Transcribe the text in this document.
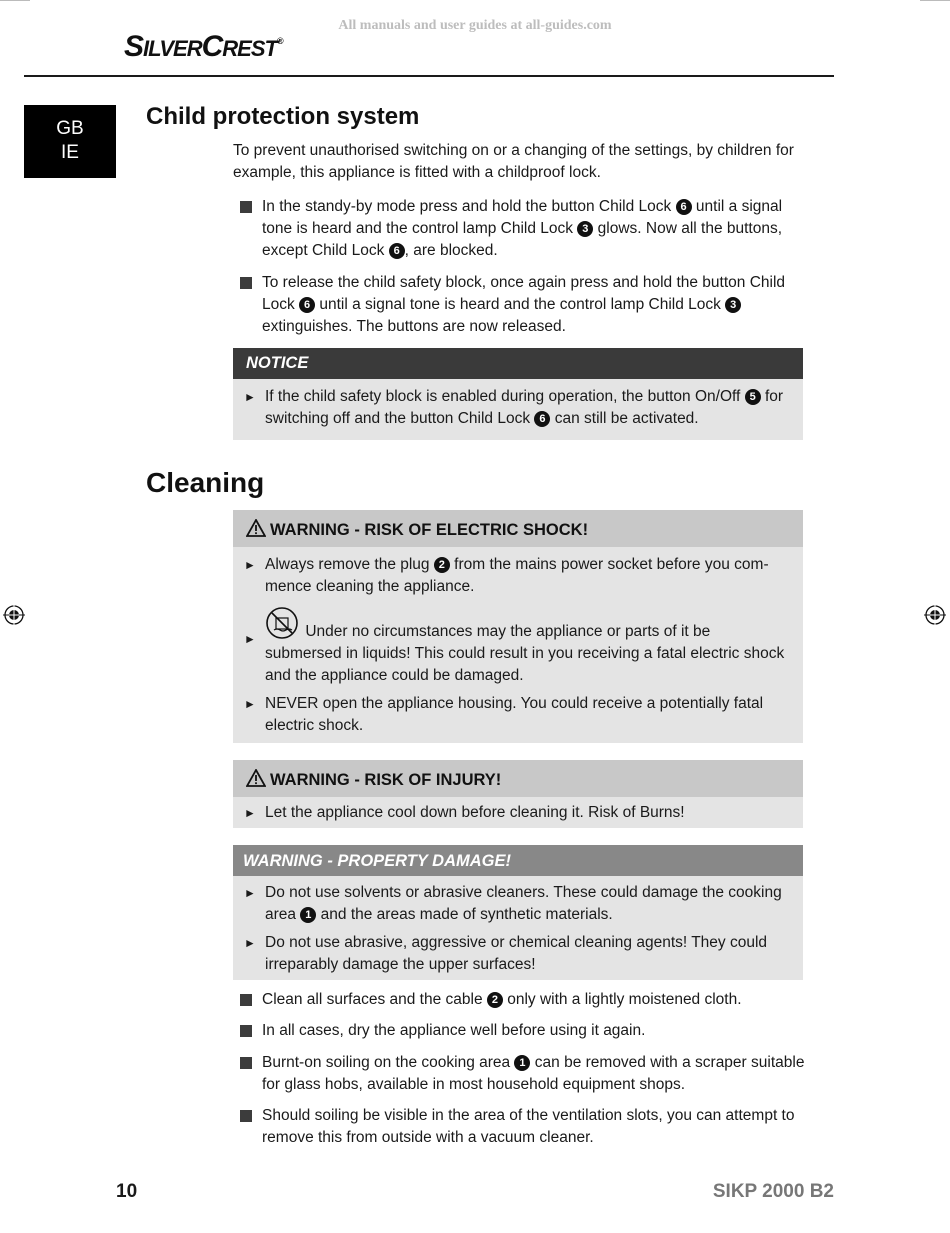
All manuals and user guides at all-guides.com
SILVERCREST®
GB
IE
Child protection system

To prevent unauthorised switching on or a changing of the settings, by children for example, this appliance is fitted with a childproof lock.

In the standy-by mode press and hold the button Child Lock 6 until a signal tone is heard and the control lamp Child Lock 3 glows. Now all the buttons, except Child Lock 6 , are blocked.
To release the child safety block, once again press and hold the button Child Lock 6 until a signal tone is heard and the control lamp Child Lock 3 extinguishes. The buttons are now released.
NOTICE
► If the child safety block is enabled during operation, the button On/Off 5 for switching off and the button Child Lock 6 can still be activated.
Cleaning
WARNING - RISK OF ELECTRIC SHOCK!
► Always remove the plug 2 from the mains power socket before you com-mence cleaning the appliance.
►	Under no circumstances may the appliance or parts of it be submersed in liquids! This could result in you receiving a fatal electric shock and the appliance could be damaged.
► NEVER open the appliance housing. You could receive a potentially fatal electric shock.
WARNING - RISK OF INJURY!
► Let the appliance cool down before cleaning it. Risk of Burns!
WARNING - PROPERTY DAMAGE!
► Do not use solvents or abrasive cleaners. These could damage the cooking area 1 and the areas made of synthetic materials.
► Do not use abrasive, aggressive or chemical cleaning agents! They could irreparably damage the upper surfaces!
Clean all surfaces and the cable 2 only with a lightly moistened cloth.
In all cases, dry the appliance well before using it again.
Burnt-on soiling on the cooking area 1 can be removed with a scraper suitable for glass hobs, available in most household equipment shops.
Should soiling be visible in the area of the ventilation slots, you can attempt to remove this from outside with a vacuum cleaner.
10	SIKP 2000 B2
